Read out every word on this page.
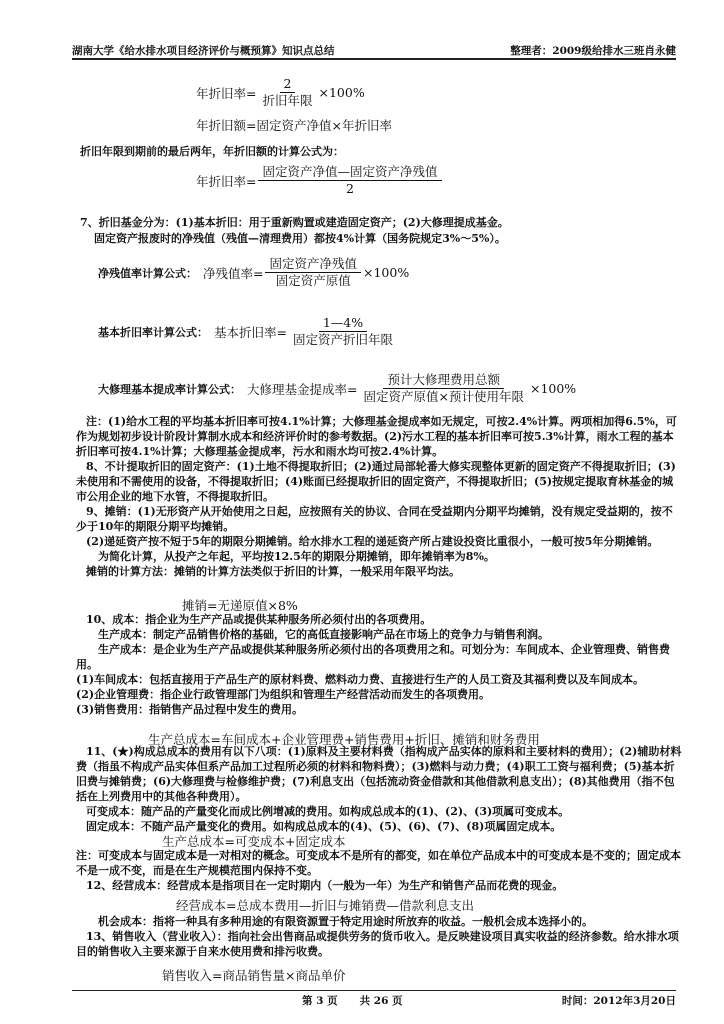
湖南大学《给水排水项目经济评价与概预算》知识点总结	整理者：2009级给排水三班肖永健
年折旧率= $\frac{2}{\text{折旧年限}} \times 100\%$
年折旧额=固定资产净值×年折旧率
折旧年限到期前的最后两年，年折旧额的计算公式为：
年折旧率= $\frac{\text{固定资产净值—固定资产净残值}}{2}$
7、折旧基金分为：(1)基本折旧：用于重新购置或建造固定资产；(2)大修理提成基金。
固定资产报废时的净残值（残值—清理费用）都按4%计算（国务院规定3%～5%）。
净残值率计算公式： 净残值率= $\frac{\text{固定资产净残值}}{\text{固定资产原值}} \times 100\%$
基本折旧率计算公式： 基本折旧率= $\frac{1—4\%}{\text{固定资产折旧年限}}$
大修理基本提成率计算公式： 大修理基金提成率= $\frac{\text{预计大修理费用总额}}{\text{固定资产原值×预计使用年限}} \times 100\%$

注：(1)给水工程的平均基本折旧率可按4.1%计算；大修理基金提成率如无规定，可按2.4%计算。两项相加得6.5%，可作为规划初步设计阶段计算制水成本和经济评价时的参考数据。(2)污水工程的基本折旧率可按5.3%计算，雨水工程的基本折旧率可按4.1%计算；大修理基金提成率，污水和雨水均可按2.4%计算。

8、不计提取折旧的固定资产：(1)土地不得提取折旧；(2)通过局部轮番大修实现整体更新的固定资产不得提取折旧；(3)未使用和不需使用的设备，不得提取折旧；(4)账面已经提取折旧的固定资产，不得提取折旧；(5)按规定提取育林基金的城市公用企业的地下水管，不得提取折旧。

9、摊销：(1)无形资产从开始使用之日起，应按照有关的协议、合同在受益期内分期平均摊销，没有规定受益期的，按不少于10年的期限分期平均摊销。

(2)递延资产按不短于5年的期限分期摊销。给水排水工程的递延资产所占建设投资比重很小，一般可按5年分期摊销。

为简化计算，从投产之年起，平均按12.5年的期限分期摊销，即年摊销率为8%。

摊销的计算方法：摊销的计算方法类似于折旧的计算，一般采用年限平均法。

摊销=无递原值×8%

10、成本：指企业为生产产品或提供某种服务所必须付出的各项费用。

生产成本：制定产品销售价格的基础，它的高低直接影响产品在市场上的竞争力与销售利润。

生产成本：是企业为生产产品或提供某种服务所必须付出的各项费用之和。可划分为：车间成本、企业管理费、销售费用。

(1)车间成本：包括直接用于产品生产的原材料费、燃料动力费、直接进行生产的人员工资及其福利费以及车间成本。

(2)企业管理费：指企业行政管理部门为组织和管理生产经营活动而发生的各项费用。

(3)销售费用：指销售产品过程中发生的费用。

生产总成本=车间成本+企业管理费+销售费用+折旧、摊销和财务费用

11、(★)构成总成本的费用有以下八项：(1)原料及主要材料费（指构成产品实体的原料和主要材料的费用）；(2)辅助材料费（指虽不构成产品实体但系产品加工过程所必须的材料和物料费）；(3)燃料与动力费；(4)职工工资与福利费；(5)基本折旧费与摊销费；(6)大修理费与检修维护费；(7)利息支出（包括流动资金借款和其他借款利息支出）；(8)其他费用（指不包括在上列费用中的其他各种费用）。

可变成本：随产品的产量变化而成比例增减的费用。如构成总成本的(1)、(2)、(3)项属可变成本。

固定成本：不随产品产量变化的费用。如构成总成本的(4)、(5)、(6)、(7)、(8)项属固定成本。

生产总成本=可变成本+固定成本

注：可变成本与固定成本是一对相对的概念。可变成本不是所有的都变，如在单位产品成本中的可变成本是不变的；固定成本不是一成不变，而是在生产规模范围内保持不变。

12、经营成本：经营成本是指项目在一定时期内（一般为一年）为生产和销售产品而花费的现金。

经营成本=总成本费用—折旧与摊销费—借款利息支出

机会成本：指将一种具有多种用途的有限资源置于特定用途时所放弃的收益。一般机会成本选择小的。

13、销售收入（营业收入）：指向社会出售商品或提供劳务的货币收入。是反映建设项目真实收益的经济参数。给水排水项目的销售收入主要来源于自来水使用费和排污收费。

销售收入=商品销售量×商品单价
第 3 页 共 26 页	时间：2012年3月20日
